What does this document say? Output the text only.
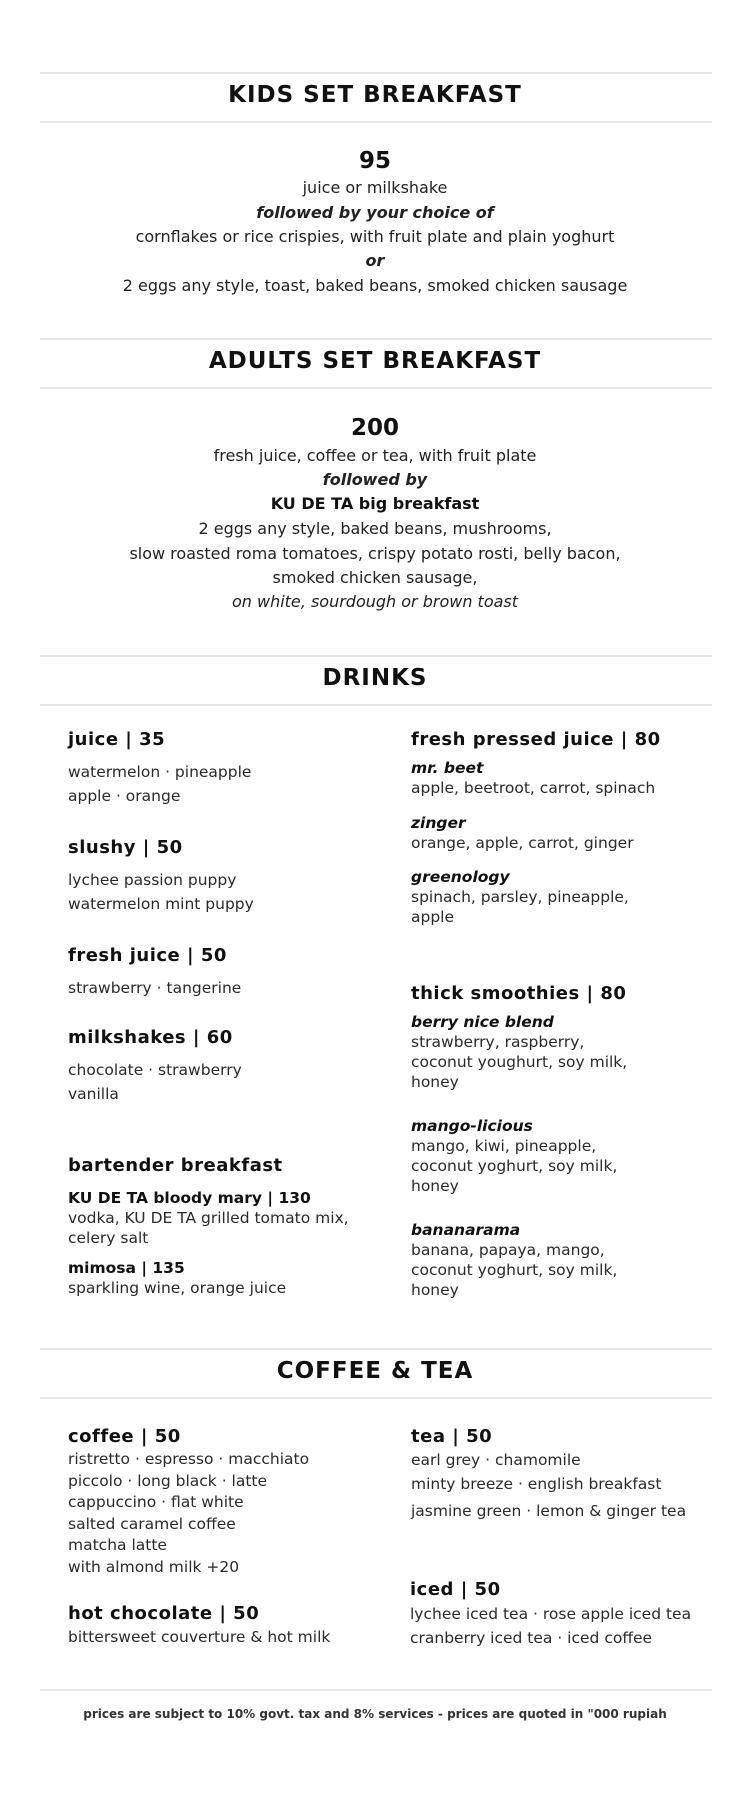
KIDS SET BREAKFAST
95
juice or milkshake
followed by your choice of
cornflakes or rice crispies, with fruit plate and plain yoghurt
or
2 eggs any style, toast, baked beans, smoked chicken sausage
ADULTS SET BREAKFAST
200
fresh juice, coffee or tea, with fruit plate
followed by
KU DE TA big breakfast
2 eggs any style, baked beans, mushrooms,
slow roasted roma tomatoes, crispy potato rosti, belly bacon,
smoked chicken sausage,
on white, sourdough or brown toast
DRINKS
juice | 35
watermelon · pineapple
apple · orange
slushy | 50
lychee passion puppy
watermelon mint puppy
fresh juice | 50
strawberry · tangerine
milkshakes | 60
chocolate · strawberry
vanilla
bartender breakfast
KU DE TA bloody mary | 130
vodka, KU DE TA grilled tomato mix,
celery salt
mimosa | 135
sparkling wine, orange juice
fresh pressed juice | 80
mr. beet
apple, beetroot, carrot, spinach
zinger
orange, apple, carrot, ginger
greenology
spinach, parsley, pineapple,
apple
thick smoothies | 80
berry nice blend
strawberry, raspberry,
coconut youghurt, soy milk,
honey
mango-licious
mango, kiwi, pineapple,
coconut yoghurt, soy milk,
honey
bananarama
banana, papaya, mango,
coconut yoghurt, soy milk,
honey
COFFEE & TEA
coffee | 50
ristretto · espresso · macchiato
piccolo · long black · latte
cappuccino · flat white
salted caramel coffee
matcha latte
with almond milk +20
hot chocolate | 50
bittersweet couverture & hot milk
tea | 50
earl grey · chamomile
minty breeze · english breakfast
jasmine green · lemon & ginger tea
iced | 50
lychee iced tea · rose apple iced tea
cranberry iced tea · iced coffee
prices are subject to 10% govt. tax and 8% services - prices are quoted in "000 rupiah
